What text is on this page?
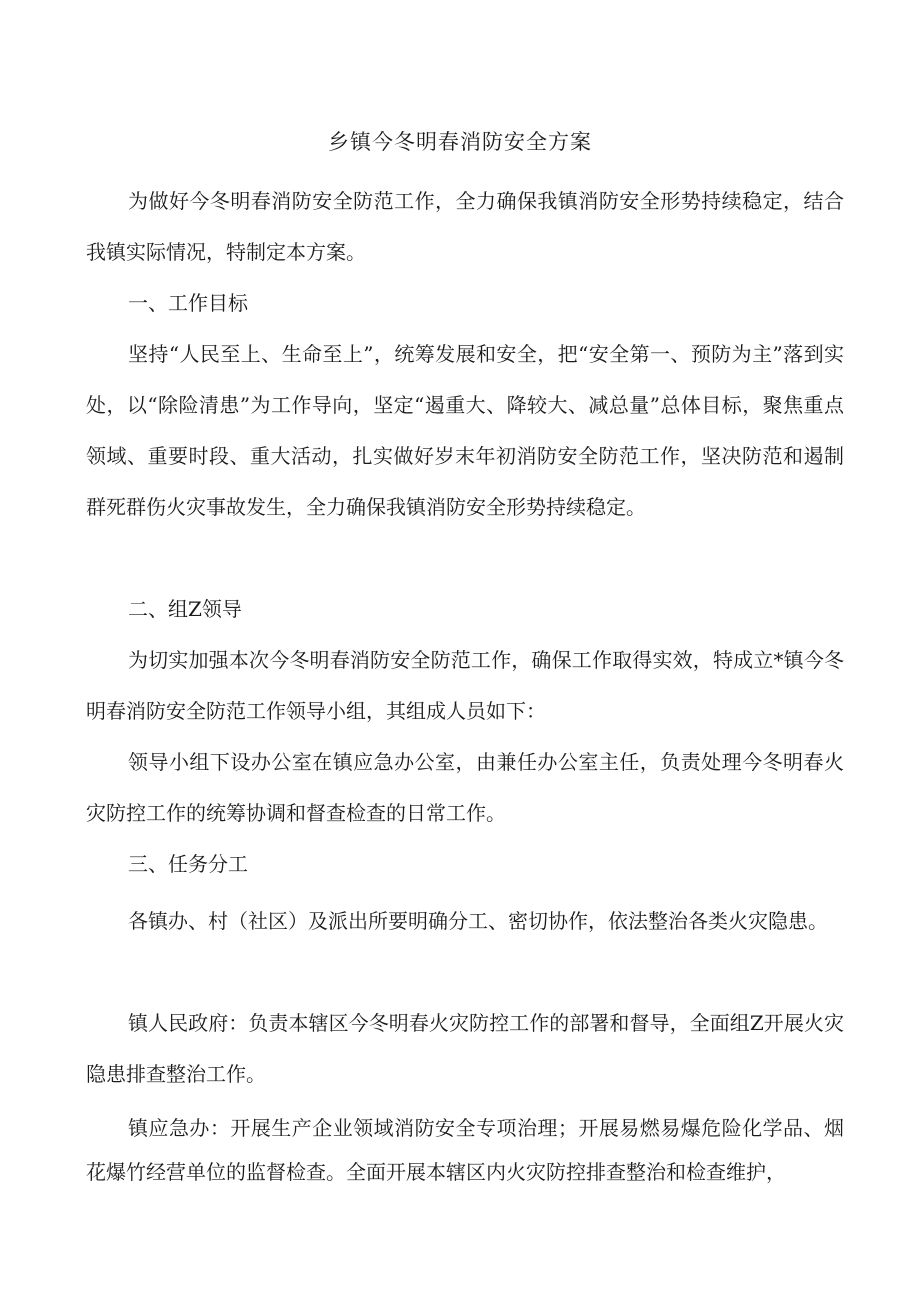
乡镇今冬明春消防安全方案

为做好今冬明春消防安全防范工作，全力确保我镇消防安全形势持续稳定，结合我镇实际情况，特制定本方案。

一、工作目标

坚持“人民至上、生命至上”，统筹发展和安全，把“安全第一、预防为主”落到实处，以“除险清患”为工作导向，坚定“遏重大、降较大、减总量”总体目标，聚焦重点领域、重要时段、重大活动，扎实做好岁末年初消防安全防范工作，坚决防范和遏制群死群伤火灾事故发生，全力确保我镇消防安全形势持续稳定。

二、组Z领导

为切实加强本次今冬明春消防安全防范工作，确保工作取得实效，特成立*镇今冬明春消防安全防范工作领导小组，其组成人员如下：

领导小组下设办公室在镇应急办公室，由兼任办公室主任，负责处理今冬明春火灾防控工作的统筹协调和督查检查的日常工作。

三、任务分工

各镇办、村（社区）及派出所要明确分工、密切协作，依法整治各类火灾隐患。

镇人民政府：负责本辖区今冬明春火灾防控工作的部署和督导，全面组Z开展火灾隐患排查整治工作。

镇应急办：开展生产企业领域消防安全专项治理；开展易燃易爆危险化学品、烟花爆竹经营单位的监督检查。全面开展本辖区内火灾防控排查整治和检查维护，
